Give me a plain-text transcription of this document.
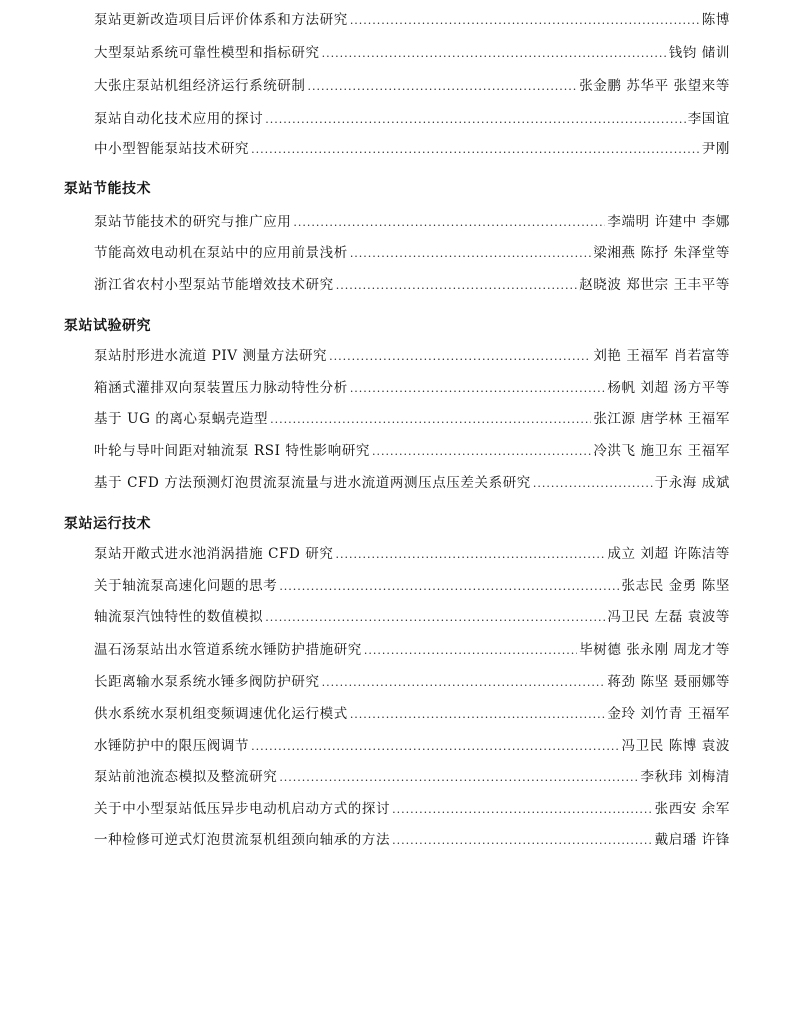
泵站更新改造项目后评价体系和方法研究 .....	陈博
大型泵站系统可靠性模型和指标研究 .....	钱钧 储训
大张庄泵站机组经济运行系统研制 .....	张金鹏 苏华平 张望来等
泵站自动化技术应用的探讨 .....	李国谊
中小型智能泵站技术研究 .....	尹刚
泵站节能技术
泵站节能技术的研究与推广应用 .....	李端明 许建中 李娜
节能高效电动机在泵站中的应用前景浅析 .....	梁湘燕 陈抒 朱泽堂等
浙江省农村小型泵站节能增效技术研究 .....	赵晓波 郑世宗 王丰平等
泵站试验研究
泵站肘形进水流道 PIV 测量方法研究 .....	刘艳 王福军 肖若富等
箱涵式灌排双向泵装置压力脉动特性分析 .....	杨帆 刘超 汤方平等
基于 UG 的离心泵蜗壳造型 .....	张江源 唐学林 王福军
叶轮与导叶间距对轴流泵 RSI 特性影响研究 .....	冷洪飞 施卫东 王福军
基于 CFD 方法预测灯泡贯流泵流量与进水流道两测压点压差关系研究 .....	于永海 成斌
泵站运行技术
泵站开敞式进水池消涡措施 CFD 研究 .....	成立 刘超 许陈洁等
关于轴流泵高速化问题的思考 .....	张志民 金勇 陈坚
轴流泵汽蚀特性的数值模拟 .....	冯卫民 左磊 袁波等
温石汤泵站出水管道系统水锤防护措施研究 .....	毕树德 张永刚 周龙才等
长距离输水泵系统水锤多阀防护研究 .....	蒋劲 陈坚 聂丽娜等
供水系统水泵机组变频调速优化运行模式 .....	金玲 刘竹青 王福军
水锤防护中的限压阀调节 .....	冯卫民 陈博 袁波
泵站前池流态模拟及整流研究 .....	李秋玮 刘梅清
关于中小型泵站低压异步电动机启动方式的探讨 .....	张西安 余军
一种检修可逆式灯泡贯流泵机组颈向轴承的方法 .....	戴启璠 许锋
